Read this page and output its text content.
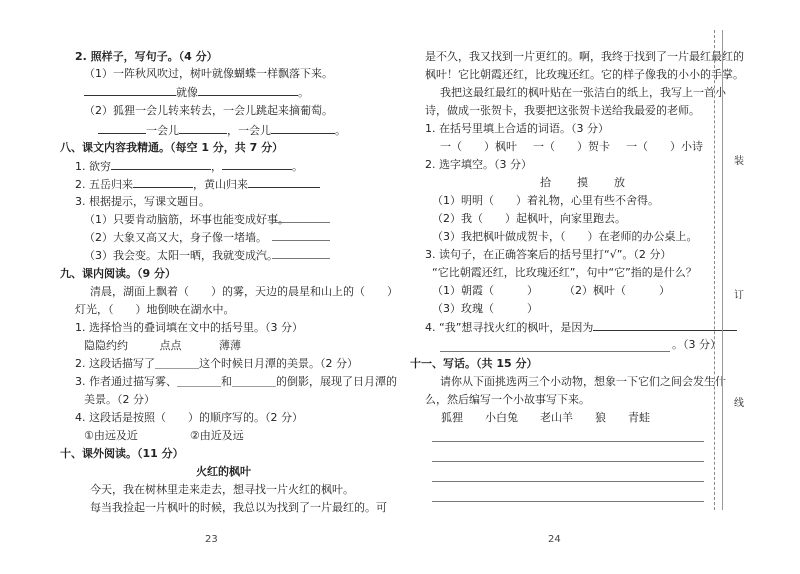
2. 照样子，写句子。（4 分）
（1）一阵秋风吹过，树叶就像蝴蝶一样飘落下来。
就像	。
（2）狐狸一会儿转来转去，一会儿跳起来摘葡萄。
一会儿	，一会儿	。
八、课文内容我精通。（每空 1 分，共 7 分）
1. 欲穷	，	。
2. 五岳归来	，黄山归来
3. 根据提示，写课文题目。
（1）只要肯动脑筋，坏事也能变成好事。
（2）大象又高又大，身子像一堵墙。
（3）我会变。太阳一晒，我就变成汽。
九、课内阅读。（9 分）
清晨，湖面上飘着（　　）的雾，天边的晨星和山上的（　　）
灯光，（　　）地倒映在湖水中。
1. 选择恰当的叠词填在文中的括号里。（3 分）
隐隐约约	点点	薄薄
2. 这段话描写了＿＿＿＿这个时候日月潭的美景。（2 分）
3. 作者通过描写雾、＿＿＿＿和＿＿＿＿的倒影，展现了日月潭的
美景。（2 分）
4. 这段话是按照（　　）的顺序写的。（2 分）
①由远及近	②由近及远
十、课外阅读。（11 分）
火红的枫叶
今天，我在树林里走来走去，想寻找一片火红的枫叶。
每当我捡起一片枫叶的时候，我总以为找到了一片最红的。可
23
是不久，我又找到一片更红的。啊，我终于找到了一片最红最红的
枫叶！它比朝霞还红，比玫瑰还红。它的样子像我的小小的手掌。
我把这最红最红的枫叶贴在一张洁白的纸上，我写上一首小
诗，做成一张贺卡，我要把这张贺卡送给我最爱的老师。
1. 在括号里填上合适的词语。（3 分）
一（　　）枫叶 一（　　）贺卡 一（　　）小诗
2. 选字填空。（3 分）
拾 摸 放
（1）明明（　　）着礼物，心里有些不舍得。
（2）我（　　）起枫叶，向家里跑去。
（3）我把枫叶做成贺卡，（　　）在老师的办公桌上。
3. 读句子，在正确答案后的括号里打“√”。（2 分）
“它比朝霞还红，比玫瑰还红”，句中“它”指的是什么？
（1）朝霞（　　　） （2）枫叶（　　　）
（3）玫瑰（　　　）
4. “我”想寻找火红的枫叶，是因为
。（3 分）
十一、写话。（共 15 分）
请你从下面挑选两三个小动物，想象一下它们之间会发生什
么，然后编写一个小故事写下来。
狐狸 小白兔 老山羊 狼 青蛙
24
装
订
线
